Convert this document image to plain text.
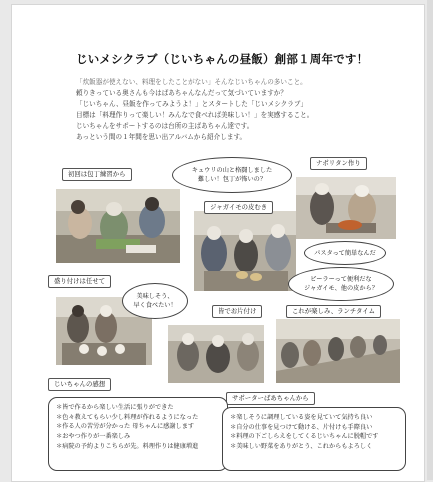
じいメシクラブ（じいちゃんの昼飯）創部１周年です！
「炊飯器が使えない、料理をしたことがない」そんなじいちゃんの多いこと。
頼りきっている奥さんも今はぱあちゃんなんだって気づいていますか？
「じいちゃん、昼飯を作ってみようよ！」とスタートした「じいメシクラブ」
目標は「料理作りって楽しい！みんなで食べれば美味しい！」を実感すること。
じいちゃんをサポートするのは台所の主ばあちゃん達です。
あっという間の１年間を思い出アルバムから紹介します。
初回は包丁練習から
ナポリタン作り
ジャガイモの皮むき
盛り付けは任せて
皆でお片付け	これが楽しみ、ランチタイム
じいちゃんの感想
サポーターばあちゃんから
キュウリの山と格闘しました
難しい！包丁が怖いの？
パスタって簡単なんだ
ピーラーって便利だな
ジャガイモ、他の皮から？
美味しそう、
早く食べたい！
＊皆で作るから楽しい生活に張りができた
＊色々教えてもらい少し料理が作れるようになった
＊作る人の苦労が分かった 母ちゃんに感謝します
＊おやつ作りが一番楽しみ
＊病院の予約よりこちらが先。料理作りは健康増進
＊楽しそうに調理している姿を見ていて気持ち良い
＊自分の仕事を見つけて動ける、片付けも手際良い
＊料理の下ごしらえをしてくるじいちゃんに脱帽です
＊美味しい野菜をありがとう、これからもよろしく
